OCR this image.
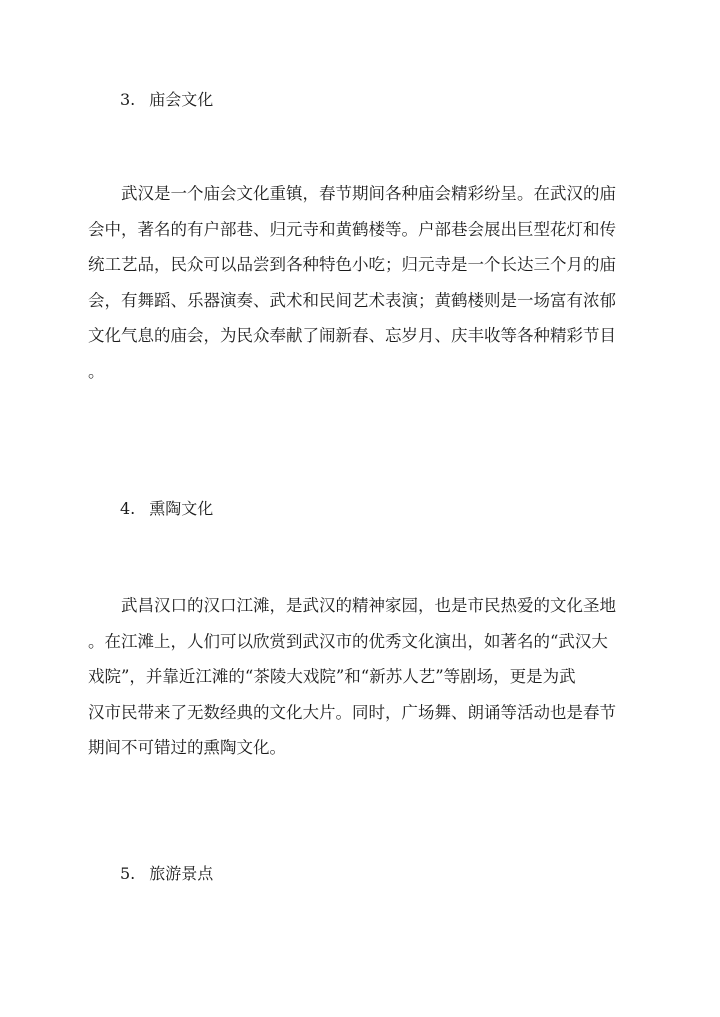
3. 庙会文化
武汉是一个庙会文化重镇，春节期间各种庙会精彩纷呈。在武汉的庙
会中，著名的有户部巷、归元寺和黄鹤楼等。户部巷会展出巨型花灯和传
统工艺品，民众可以品尝到各种特色小吃；归元寺是一个长达三个月的庙
会，有舞蹈、乐器演奏、武术和民间艺术表演；黄鹤楼则是一场富有浓郁
文化气息的庙会，为民众奉献了闹新春、忘岁月、庆丰收等各种精彩节目
。
4. 熏陶文化
武昌汉口的汉口江滩，是武汉的精神家园，也是市民热爱的文化圣地
。在江滩上，人们可以欣赏到武汉市的优秀文化演出，如著名的“武汉大
戏院”，并靠近江滩的“茶陵大戏院”和“新苏人艺”等剧场，更是为武
汉市民带来了无数经典的文化大片。同时，广场舞、朗诵等活动也是春节
期间不可错过的熏陶文化。
5. 旅游景点
